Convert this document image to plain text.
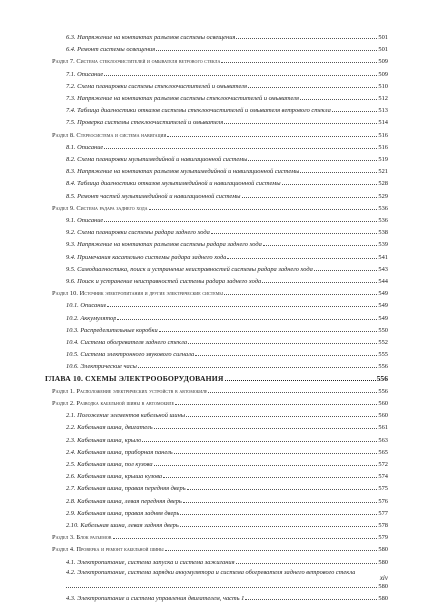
6.3. Напряжение на контактах разъемов системы освещения	501
6.4. Ремонт системы освещения	501
Раздел 7. Система стеклоочистителей и омывателя ветрового стекла	509
7.1. Описание	509
7.2. Схема планировки системы стеклоочистителей и омывателя	510
7.3. Напряжение на контактах разъемов системы стеклоочистителей и омывателя	512
7.4. Таблица диагностики отказов системы стеклоочистителей и омывателя ветрового стекла	513
7.5. Проверка системы стеклоочистителей и омывателя	514
Раздел 8. Стереосистема и система навигации	516
8.1. Описание	516
8.2. Схема планировки мультимедийной и навигационной системы	519
8.3. Напряжение на контактах разъемов мультимедийной и навигационной системы	521
8.4. Таблица диагностики отказов мультимедийной и навигационной системы	528
8.5. Ремонт частей мультимедийной и навигационной системы	529
Раздел 9. Система радара заднего хода	536
9.1. Описание	536
9.2. Схема планировки системы радара заднего хода	538
9.3. Напряжение на контактах разъемов системы радара заднего хода	539
9.4. Примечания касательно системы радара заднего хода	541
9.5. Самодиагностика, поиск и устранение неисправностей системы радара заднего хода	543
9.6. Поиск и устранение неисправностей системы радара заднего хода	544
Раздел 10. Источник электропитания и другие электрические системы	549
10.1. Описание	549
10.2. Аккумулятор	549
10.3. Распределительные коробки	550
10.4. Система обогревателя заднего стекла	552
10.5. Система электронного звукового сигнала	555
10.6. Электрические часы	556
ГЛАВА 10. СХЕМЫ ЭЛЕКТРООБОРУДОВАНИЯ	556
Раздел 1. Расположение электрических устройств в автомобиле	556
Раздел 2. Разводка кабельной шины в автомобиле	560
2.1. Положение элементов кабельной шины	560
2.2. Кабельная шина, двигатель	561
2.3. Кабельная шина, крыло	563
2.4. Кабельная шина, приборная панель	565
2.5. Кабельная шина, пол кузова	572
2.6. Кабельная шина, крыша кузова	574
2.7. Кабельная шина, правая передняя дверь	575
2.8. Кабельная шина, левая передняя дверь	576
2.9. Кабельная шина, правая задняя дверь	577
2.10. Кабельная шина, левая задняя дверь	578
Раздел 3. Блок разъемов	579
Раздел 4. Проверка и ремонт кабельной шины	580
4.1. Электропитание, система запуска и система зажигания	580
4.2. Электропитание, система зарядки аккумулятора и система обогревателя заднего ветрового стекла
580
4.3. Электропитание и система управления двигателем, часть 1	580
xiv
